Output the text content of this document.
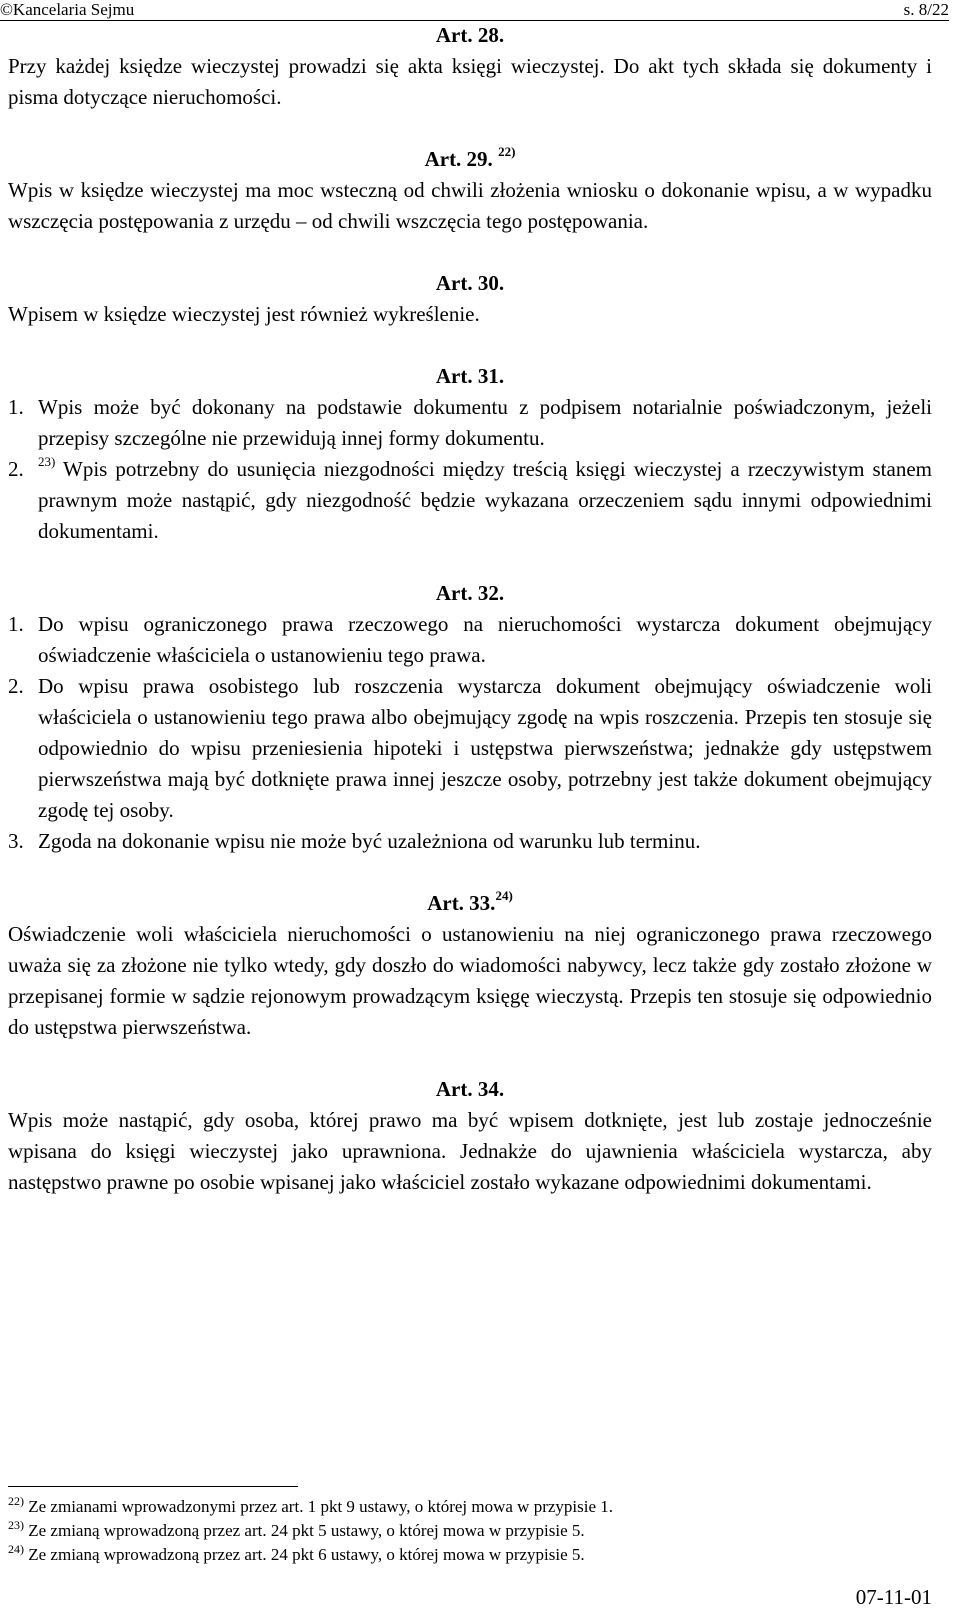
©Kancelaria Sejmu	s. 8/22

Art. 28.

Przy każdej księdze wieczystej prowadzi się akta księgi wieczystej. Do akt tych składa się dokumenty i pisma dotyczące nieruchomości.

Art. 29. $^{22)}$

Wpis w księdze wieczystej ma moc wsteczną od chwili złożenia wniosku o dokonanie wpisu, a w wypadku wszczęcia postępowania z urzędu – od chwili wszczęcia tego postępowania.

Art. 30.

Wpisem w księdze wieczystej jest również wykreślenie.

Art. 31.

1. Wpis może być dokonany na podstawie dokumentu z podpisem notarialnie poświadczonym, jeżeli przepisy szczególne nie przewidują innej formy dokumentu.
2.	$^{23)}$ Wpis potrzebny do usunięcia niezgodności między treścią księgi wieczystej a rzeczywistym stanem prawnym może nastąpić, gdy niezgodność będzie wykazana orzeczeniem sądu innymi odpowiednimi dokumentami.

Art. 32.

1. Do wpisu ograniczonego prawa rzeczowego na nieruchomości wystarcza dokument obejmujący oświadczenie właściciela o ustanowieniu tego prawa.
2. Do wpisu prawa osobistego lub roszczenia wystarcza dokument obejmujący oświadczenie woli właściciela o ustanowieniu tego prawa albo obejmujący zgodę na wpis roszczenia. Przepis ten stosuje się odpowiednio do wpisu przeniesienia hipoteki i ustępstwa pierwszeństwa; jednakże gdy ustępstwem pierwszeństwa mają być dotknięte prawa innej jeszcze osoby, potrzebny jest także dokument obejmujący zgodę tej osoby.
3. Zgoda na dokonanie wpisu nie może być uzależniona od warunku lub terminu.

Art. 33.$^{24)}$

Oświadczenie woli właściciela nieruchomości o ustanowieniu na niej ograniczonego prawa rzeczowego uważa się za złożone nie tylko wtedy, gdy doszło do wiadomości nabywcy, lecz także gdy zostało złożone w przepisanej formie w sądzie rejonowym prowadzącym księgę wieczystą. Przepis ten stosuje się odpowiednio do ustępstwa pierwszeństwa.

Art. 34.

Wpis może nastąpić, gdy osoba, której prawo ma być wpisem dotknięte, jest lub zostaje jednocześnie wpisana do księgi wieczystej jako uprawniona. Jednakże do ujawnienia właściciela wystarcza, aby następstwo prawne po osobie wpisanej jako właściciel zostało wykazane odpowiednimi dokumentami.

$^{22)}$ Ze zmianami wprowadzonymi przez art. 1 pkt 9 ustawy, o której mowa w przypisie 1.
$^{23)}$ Ze zmianą wprowadzoną przez art. 24 pkt 5 ustawy, o której mowa w przypisie 5.
$^{24)}$ Ze zmianą wprowadzoną przez art. 24 pkt 6 ustawy, o której mowa w przypisie 5.
07-11-01
